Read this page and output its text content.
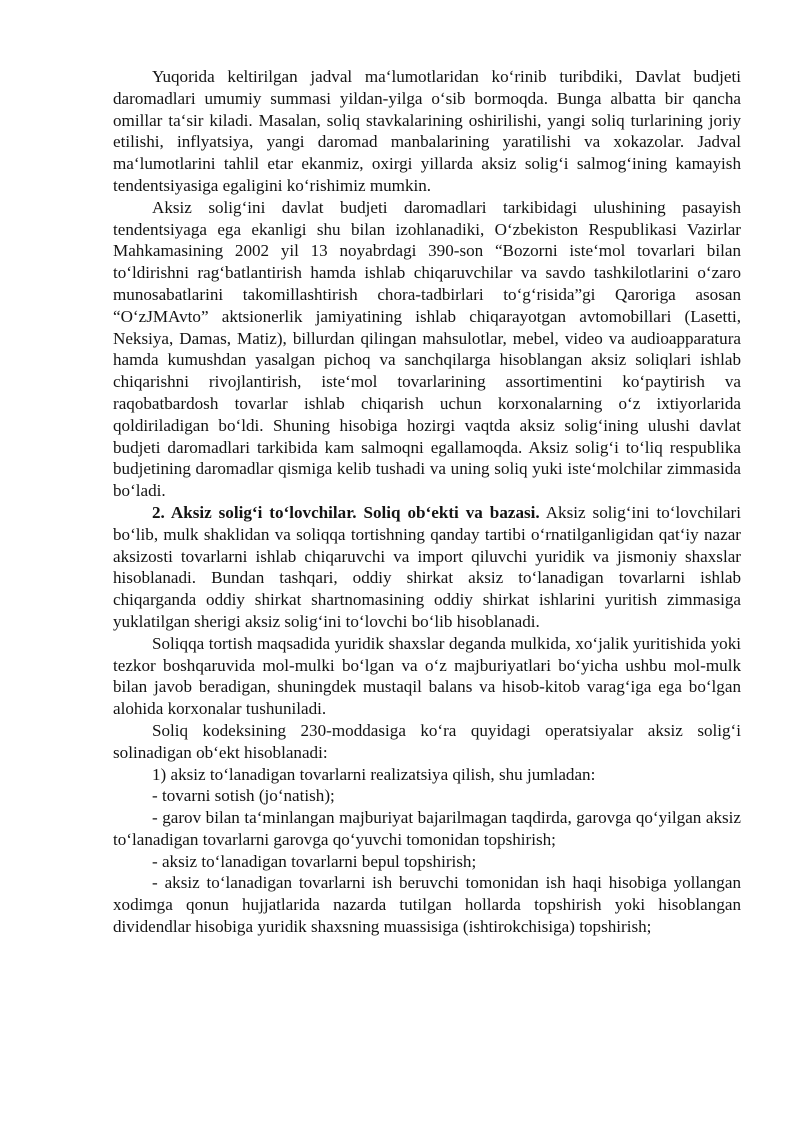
Yuqorida keltirilgan jadval ma‘lumotlaridan ko‘rinib turibdiki, Davlat budjeti daromadlari umumiy summasi yildan-yilga o‘sib bormoqda. Bunga albatta bir qancha omillar ta‘sir kiladi. Masalan, soliq stavkalarining oshirilishi, yangi soliq turlarining joriy etilishi, inflyatsiya, yangi daromad manbalarining yaratilishi va xokazolar. Jadval ma‘lumotlarini tahlil etar ekanmiz, oxirgi yillarda aksiz solig‘i salmog‘ining kamayish tendentsiyasiga egaligini ko‘rishimiz mumkin.

Aksiz solig‘ini davlat budjeti daromadlari tarkibidagi ulushining pasayish tendentsiyaga ega ekanligi shu bilan izohlanadiki, O‘zbekiston Respublikasi Vazirlar Mahkamasining 2002 yil 13 noyabrdagi 390-son “Bozorni iste‘mol tovarlari bilan to‘ldirishni rag‘batlantirish hamda ishlab chiqaruvchilar va savdo tashkilotlarini o‘zaro munosabatlarini takomillashtirish chora-tadbirlari to‘g‘risida”gi Qaroriga asosan “O‘zJMAvto” aktsionerlik jamiyatining ishlab chiqarayotgan avtomobillari (Lasetti, Neksiya, Damas, Matiz), billurdan qilingan mahsulotlar, mebel, video va audioapparatura hamda kumushdan yasalgan pichoq va sanchqilarga hisoblangan aksiz soliqlari ishlab chiqarishni rivojlantirish, iste‘mol tovarlarining assortimentini ko‘paytirish va raqobatbardosh tovarlar ishlab chiqarish uchun korxonalarning o‘z ixtiyorlarida qoldiriladigan bo‘ldi. Shuning hisobiga hozirgi vaqtda aksiz solig‘ining ulushi davlat budjeti daromadlari tarkibida kam salmoqni egallamoqda. Aksiz solig‘i to‘liq respublika budjetining daromadlar qismiga kelib tushadi va uning soliq yuki iste‘molchilar zimmasida bo‘ladi.

2. Aksiz solig‘i to‘lovchilar. Soliq ob‘ekti va bazasi. Aksiz solig‘ini to‘lovchilari bo‘lib, mulk shaklidan va soliqqa tortishning qanday tartibi o‘rnatilganligidan qat‘iy nazar aksizosti tovarlarni ishlab chiqaruvchi va import qiluvchi yuridik va jismoniy shaxslar hisoblanadi. Bundan tashqari, oddiy shirkat aksiz to‘lanadigan tovarlarni ishlab chiqarganda oddiy shirkat shartnomasining oddiy shirkat ishlarini yuritish zimmasiga yuklatilgan sherigi aksiz solig‘ini to‘lovchi bo‘lib hisoblanadi.

Soliqqa tortish maqsadida yuridik shaxslar deganda mulkida, xo‘jalik yuritishida yoki tezkor boshqaruvida mol-mulki bo‘lgan va o‘z majburiyatlari bo‘yicha ushbu mol-mulk bilan javob beradigan, shuningdek mustaqil balans va hisob-kitob varag‘iga ega bo‘lgan alohida korxonalar tushuniladi.

Soliq kodeksining 230-moddasiga ko‘ra quyidagi operatsiyalar aksiz solig‘i solinadigan ob‘ekt hisoblanadi:

1) aksiz to‘lanadigan tovarlarni realizatsiya qilish, shu jumladan:

- tovarni sotish (jo‘natish);

- garov bilan ta‘minlangan majburiyat bajarilmagan taqdirda, garovga qo‘yilgan aksiz to‘lanadigan tovarlarni garovga qo‘yuvchi tomonidan topshirish;

- aksiz to‘lanadigan tovarlarni bepul topshirish;

- aksiz to‘lanadigan tovarlarni ish beruvchi tomonidan ish haqi hisobiga yollangan xodimga qonun hujjatlarida nazarda tutilgan hollarda topshirish yoki hisoblangan dividendlar hisobiga yuridik shaxsning muassisiga (ishtirokchisiga) topshirish;
